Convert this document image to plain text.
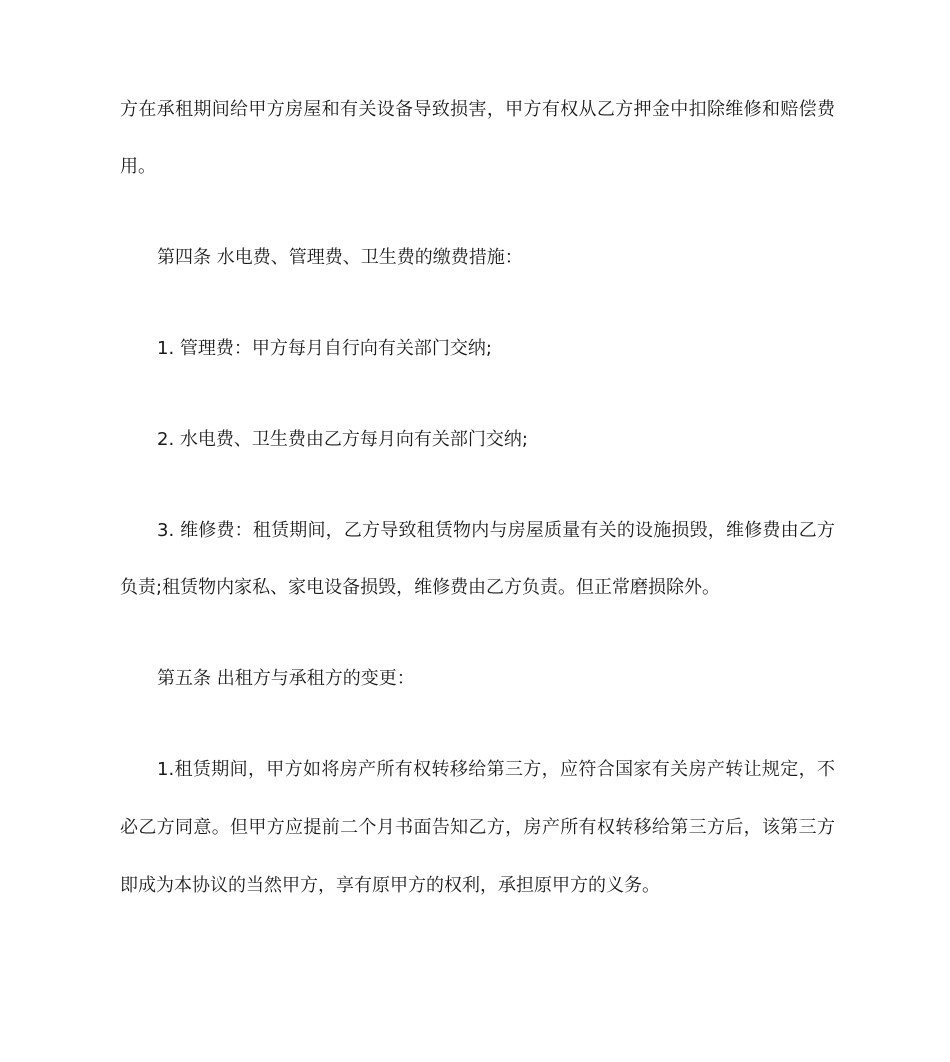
方在承租期间给甲方房屋和有关设备导致损害，甲方有权从乙方押金中扣除维修和赔偿费
用。
第四条 水电费、管理费、卫生费的缴费措施：
1. 管理费：甲方每月自行向有关部门交纳;
2. 水电费、卫生费由乙方每月向有关部门交纳;
3. 维修费：租赁期间，乙方导致租赁物内与房屋质量有关的设施损毁，维修费由乙方
负责;租赁物内家私、家电设备损毁，维修费由乙方负责。但正常磨损除外。
第五条 出租方与承租方的变更：
1.租赁期间，甲方如将房产所有权转移给第三方，应符合国家有关房产转让规定，不
必乙方同意。但甲方应提前二个月书面告知乙方，房产所有权转移给第三方后，该第三方
即成为本协议的当然甲方，享有原甲方的权利，承担原甲方的义务。
